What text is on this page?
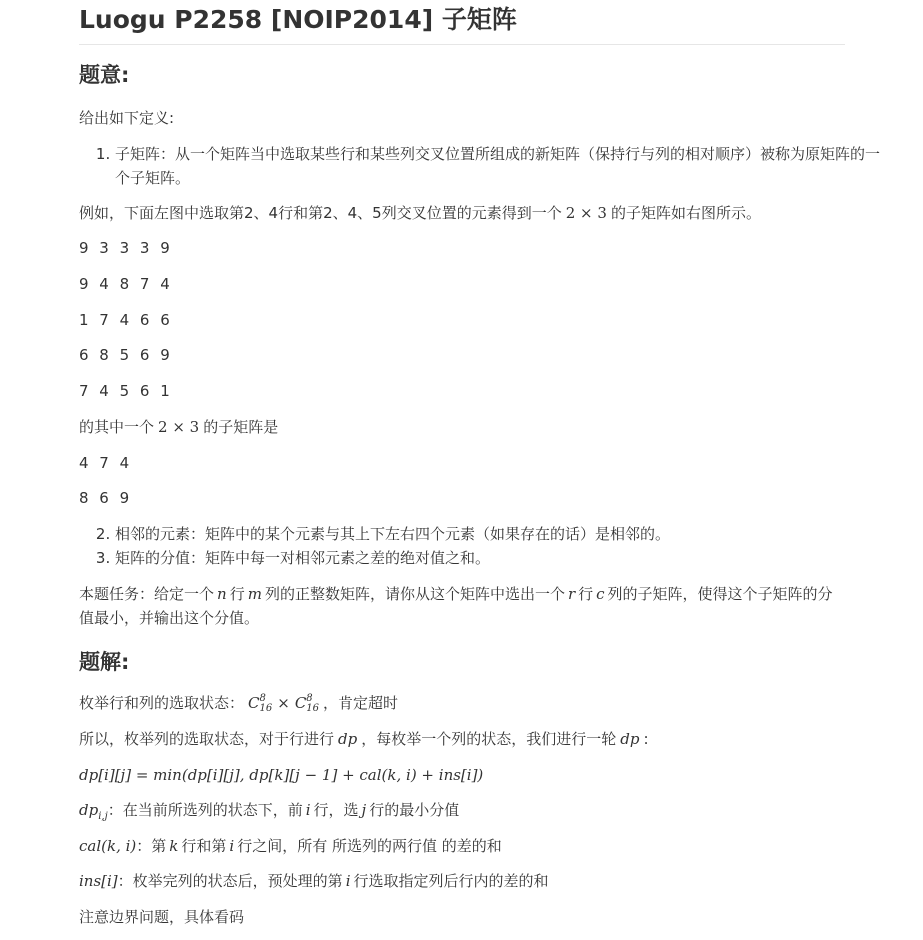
Luogu P2258 [NOIP2014] 子矩阵
题意:

给出如下定义:

1. 子矩阵：从一个矩阵当中选取某些行和某些列交叉位置所组成的新矩阵（保持行与列的相对顺序）被称为原矩阵的一个子矩阵。

例如，下面左图中选取第2、4行和第2、4、5列交叉位置的元素得到一个 2 × 3 的子矩阵如右图所示。

9 3 3 3 9

9 4 8 7 4

1 7 4 6 6

6 8 5 6 9

7 4 5 6 1

的其中一个 2 × 3 的子矩阵是

4 7 4

8 6 9

2. 相邻的元素：矩阵中的某个元素与其上下左右四个元素（如果存在的话）是相邻的。
3. 矩阵的分值：矩阵中每一对相邻元素之差的绝对值之和。

本题任务：给定一个 n 行 m 列的正整数矩阵，请你从这个矩阵中选出一个 r 行 c 列的子矩阵，使得这个子矩阵的分值最小，并输出这个分值。

题解:

枚举行和列的选取状态： C 8
16 × C 8
16 ，肯定超时

所以，枚举列的选取状态，对于行进行 dp ，每枚举一个列的状态，我们进行一轮 dp :

dp[i][j] = min(dp[i][j], dp[k][j − 1] + cal(k, i) + ins[i])

$dp_{i,j}$：在当前所选列的状态下，前 i 行，选 j 行的最小分值

cal(k, i)：第 k 行和第 i 行之间，所有 所选列的两行值 的差的和

ins[i]：枚举完列的状态后，预处理的第 i 行选取指定列后行内的差的和

注意边界问题，具体看码
